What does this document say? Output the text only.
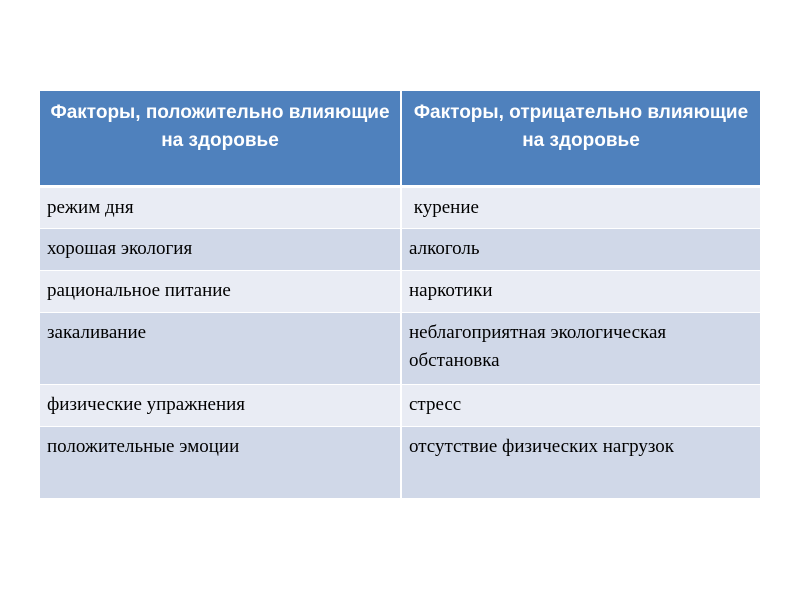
Факторы, положительно влияющие на здоровье	Факторы, отрицательно влияющие на здоровье
режим дня	курение
хорошая экология	алкоголь
рациональное питание	наркотики
закаливание	неблагоприятная экологическая обстановка
физические упражнения	стресс
положительные эмоции	отсутствие физических нагрузок
